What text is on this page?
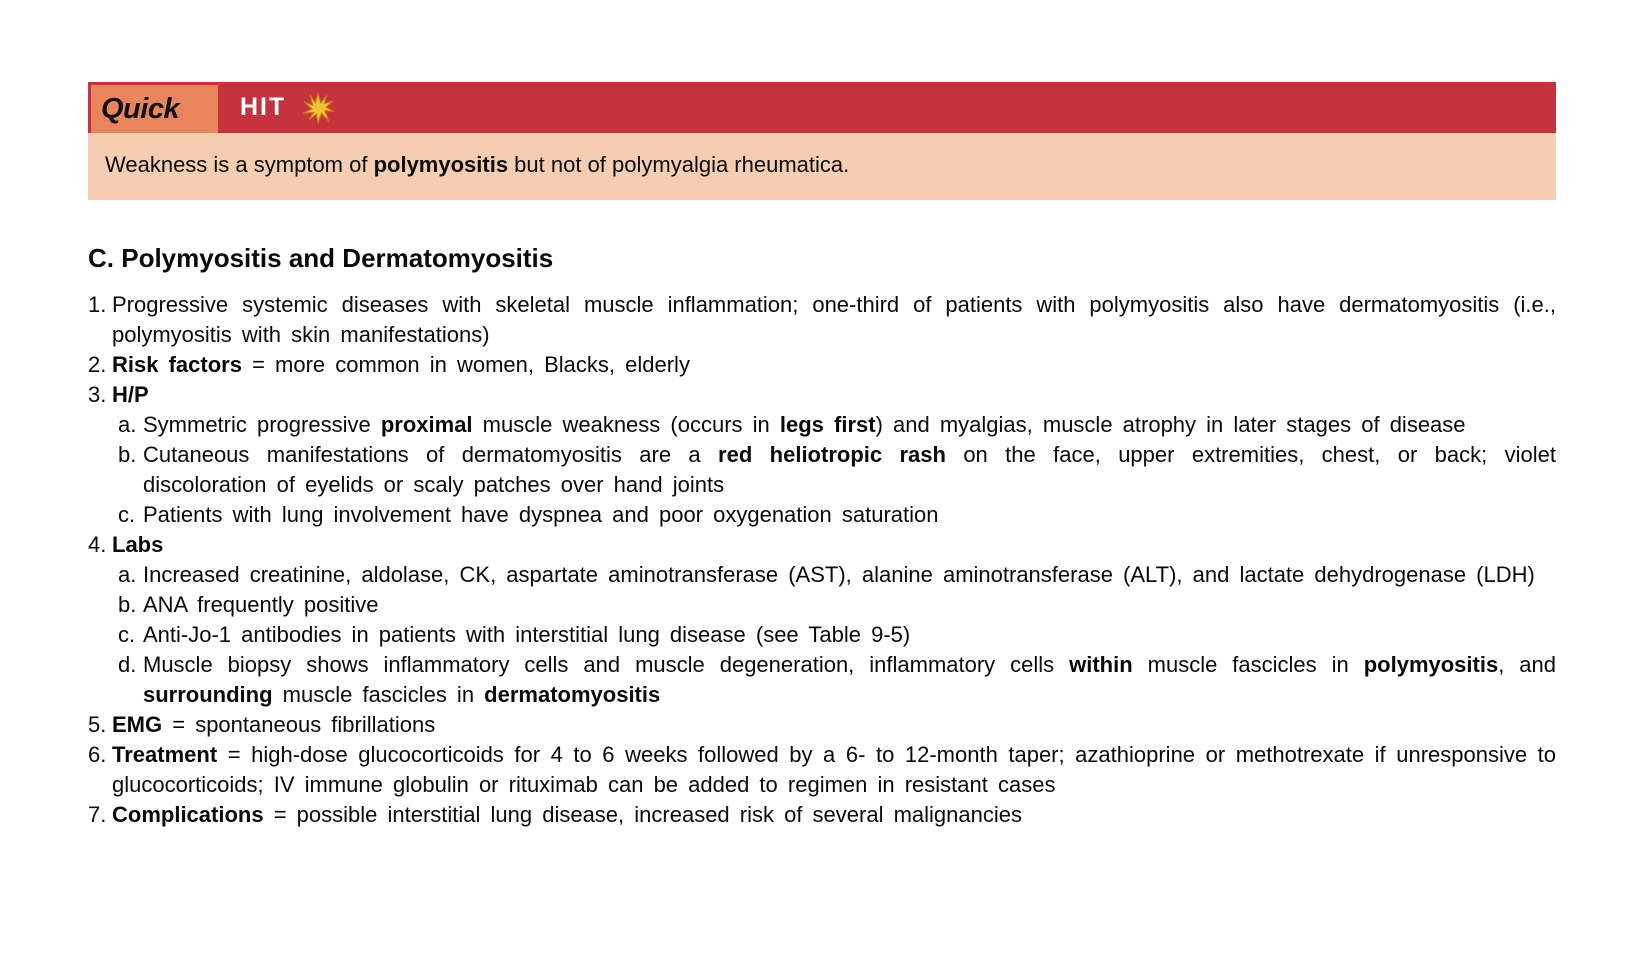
Quick HIT
Weakness is a symptom of polymyositis but not of polymyalgia rheumatica.
C. Polymyositis and Dermatomyositis
1. Progressive systemic diseases with skeletal muscle inflammation; one-third of patients with polymyositis also have dermatomyositis (i.e., polymyositis with skin manifestations)
2. Risk factors = more common in women, Blacks, elderly
3. H/P
a. Symmetric progressive proximal muscle weakness (occurs in legs first) and myalgias, muscle atrophy in later stages of disease
b. Cutaneous manifestations of dermatomyositis are a red heliotropic rash on the face, upper extremities, chest, or back; violet discoloration of eyelids or scaly patches over hand joints
c. Patients with lung involvement have dyspnea and poor oxygenation saturation
4. Labs
a. Increased creatinine, aldolase, CK, aspartate aminotransferase (AST), alanine aminotransferase (ALT), and lactate dehydrogenase (LDH)
b. ANA frequently positive
c. Anti-Jo-1 antibodies in patients with interstitial lung disease (see Table 9-5)
d. Muscle biopsy shows inflammatory cells and muscle degeneration, inflammatory cells within muscle fascicles in polymyositis, and surrounding muscle fascicles in dermatomyositis
5. EMG = spontaneous fibrillations
6. Treatment = high-dose glucocorticoids for 4 to 6 weeks followed by a 6- to 12-month taper; azathioprine or methotrexate if unresponsive to glucocorticoids; IV immune globulin or rituximab can be added to regimen in resistant cases
7. Complications = possible interstitial lung disease, increased risk of several malignancies
